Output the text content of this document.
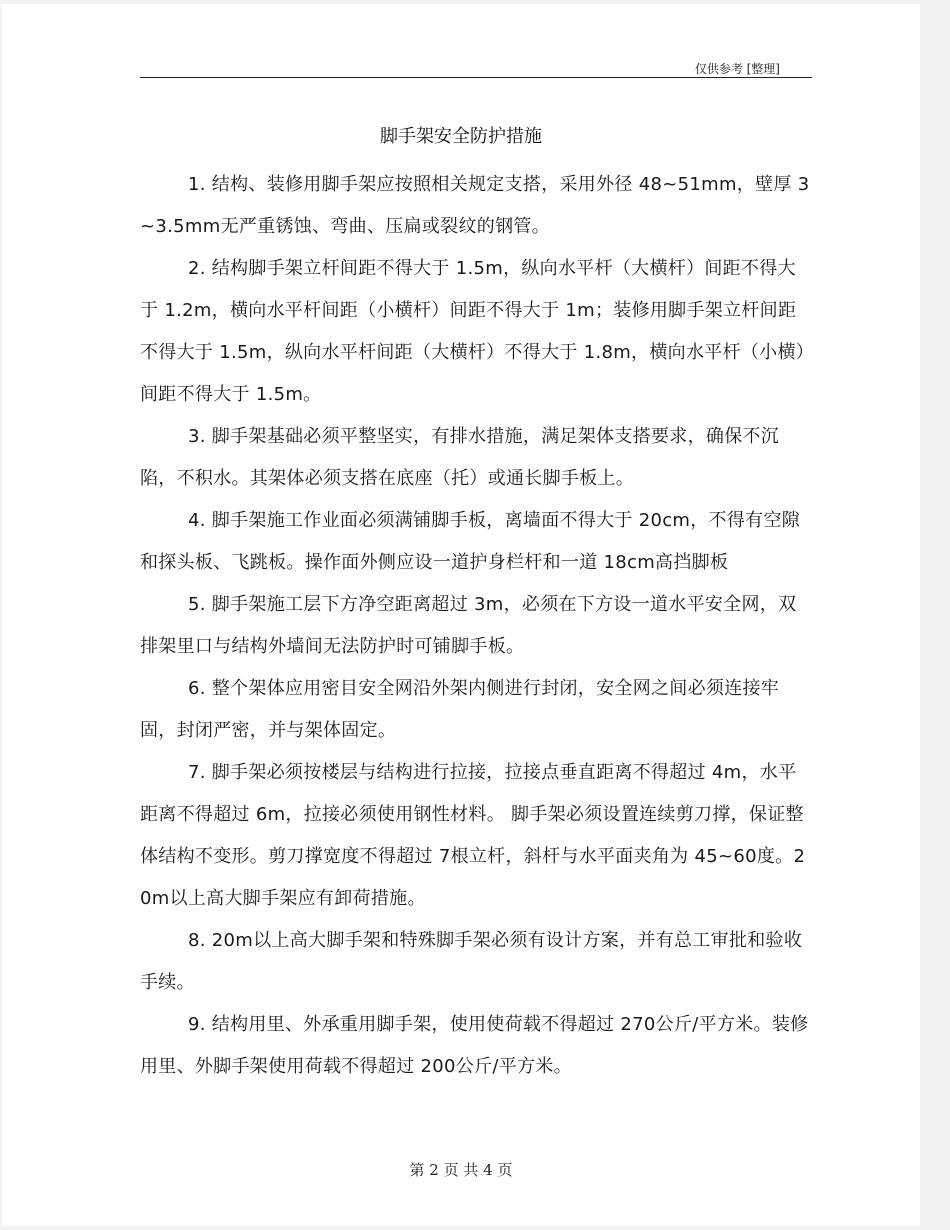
仅供参考 [整理]
脚手架安全防护措施

1. 结构、装修用脚手架应按照相关规定支搭，采用外径 48~51mm，壁厚 3~3.5mm无严重锈蚀、弯曲、压扁或裂纹的钢管。

2. 结构脚手架立杆间距不得大于 1.5m，纵向水平杆（大横杆）间距不得大于 1.2m，横向水平杆间距（小横杆）间距不得大于 1m；装修用脚手架立杆间距不得大于 1.5m，纵向水平杆间距（大横杆）不得大于 1.8m，横向水平杆（小横）间距不得大于 1.5m。

3. 脚手架基础必须平整坚实，有排水措施，满足架体支搭要求，确保不沉陷，不积水。其架体必须支搭在底座（托）或通长脚手板上。

4. 脚手架施工作业面必须满铺脚手板，离墙面不得大于 20cm，不得有空隙和探头板、飞跳板。操作面外侧应设一道护身栏杆和一道 18cm高挡脚板

5. 脚手架施工层下方净空距离超过 3m，必须在下方设一道水平安全网，双排架里口与结构外墙间无法防护时可铺脚手板。

6. 整个架体应用密目安全网沿外架内侧进行封闭，安全网之间必须连接牢固，封闭严密，并与架体固定。

7. 脚手架必须按楼层与结构进行拉接，拉接点垂直距离不得超过 4m，水平距离不得超过 6m，拉接必须使用钢性材料。 脚手架必须设置连续剪刀撑，保证整体结构不变形。剪刀撑宽度不得超过 7根立杆，斜杆与水平面夹角为 45~60度。20m以上高大脚手架应有卸荷措施。

8. 20m以上高大脚手架和特殊脚手架必须有设计方案，并有总工审批和验收手续。

9. 结构用里、外承重用脚手架，使用使荷载不得超过 270公斤/平方米。装修用里、外脚手架使用荷载不得超过 200公斤/平方米。

第 2 页 共 4 页
